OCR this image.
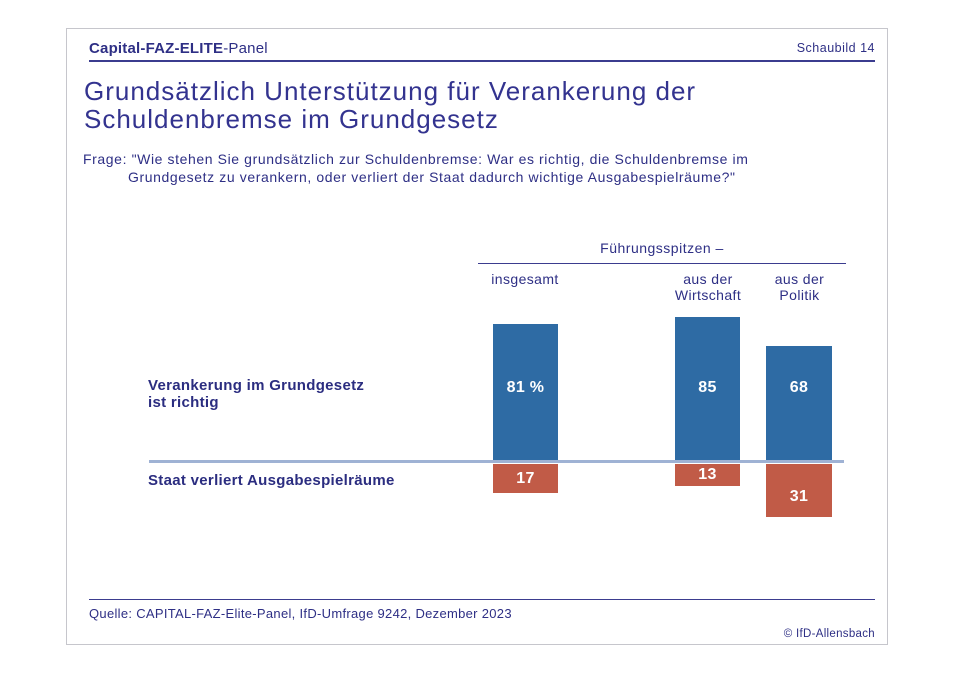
Capital-FAZ-ELITE-Panel	Schaubild 14
Grundsätzlich Unterstützung für Verankerung der
Schuldenbremse im Grundgesetz
Frage: "Wie stehen Sie grundsätzlich zur Schuldenbremse: War es richtig, die Schuldenbremse im
Grundgesetz zu verankern, oder verliert der Staat dadurch wichtige Ausgabespielräume?"
Führungsspitzen –
insgesamt	aus der
Wirtschaft
aus der
Politik
Verankerung im Grundgesetz
ist richtig
Staat verliert Ausgabespielräume
81 %
17
85
13
68
31
Quelle: CAPITAL-FAZ-Elite-Panel, IfD-Umfrage 9242, Dezember 2023
© IfD-Allensbach
